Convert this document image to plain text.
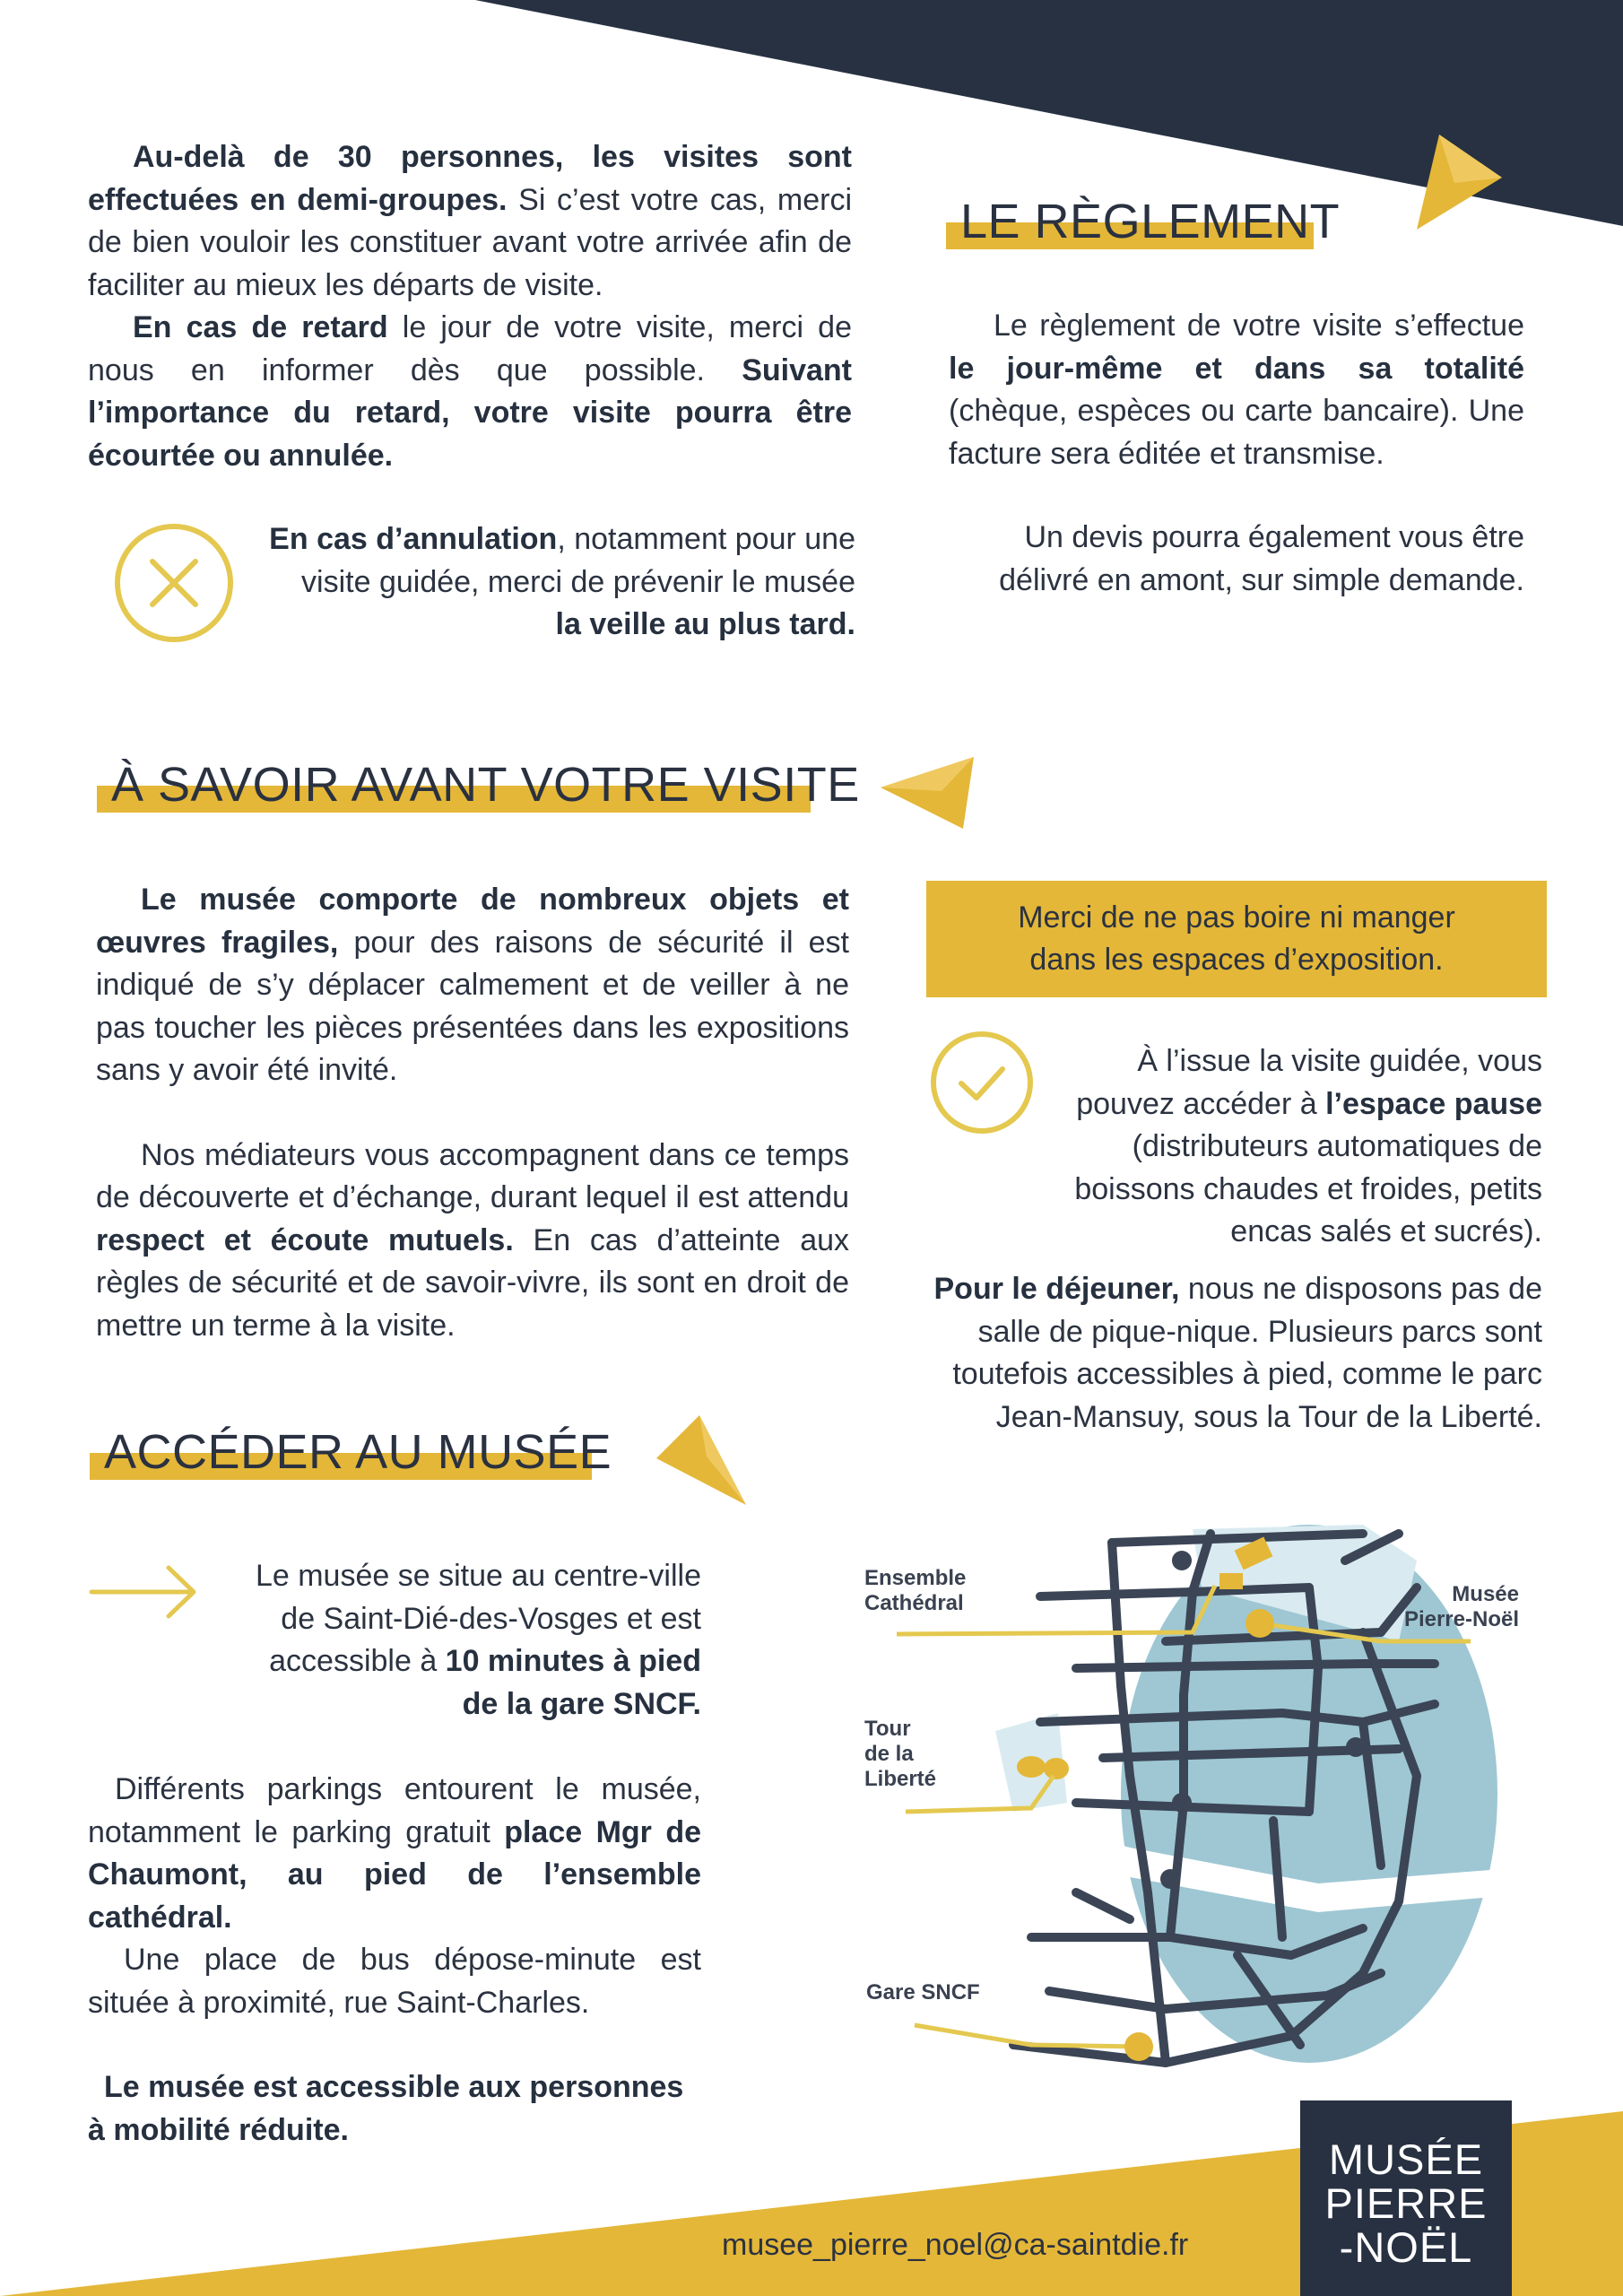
Au-delà de 30 personnes, les visites sont effectuées en demi-groupes. Si c’est votre cas, merci de bien vouloir les constituer avant votre arrivée afin de faciliter au mieux les départs de visite.

En cas de retard le jour de votre visite, merci de nous en informer dès que possible. Suivant l’importance du retard, votre visite pourra être écourtée ou annulée.

En cas d’annulation, notamment pour une visite guidée, merci de prévenir le musée la veille au plus tard.
LE RÈGLEMENT

Le règlement de votre visite s’effectue le jour-même et dans sa totalité (chèque, espèces ou carte bancaire). Une facture sera éditée et transmise.

Un devis pourra également vous être délivré en amont, sur simple demande.
À SAVOIR AVANT VOTRE VISITE

Le musée comporte de nombreux objets et œuvres fragiles, pour des raisons de sécurité il est indiqué de s’y déplacer calmement et de veiller à ne pas toucher les pièces présentées dans les expositions sans y avoir été invité.

Nos médiateurs vous accompagnent dans ce temps de découverte et d’échange, durant lequel il est attendu respect et écoute mutuels. En cas d’atteinte aux règles de sécurité et de savoir-vivre, ils sont en droit de mettre un terme à la visite.

Merci de ne pas boire ni manger dans les espaces d’exposition.
À l’issue la visite guidée, vous pouvez accéder à l’espace pause (distributeurs automatiques de boissons chaudes et froides, petits encas salés et sucrés).
Pour le déjeuner, nous ne disposons pas de salle de pique-nique. Plusieurs parcs sont toutefois accessibles à pied, comme le parc Jean-Mansuy, sous la Tour de la Liberté.
ACCÉDER AU MUSÉE
Le musée se situe au centre-ville de Saint-Dié-des-Vosges et est accessible à 10 minutes à pied de la gare SNCF.

Différents parkings entourent le musée, notamment le parking gratuit place Mgr de Chaumont, au pied de l’ensemble cathédral.

Une place de bus dépose-minute est située à proximité, rue Saint-Charles.

Le musée est accessible aux personnes à mobilité réduite.

Ensemble
Cathédral	Musée
Pierre-Noël
Tour
de la
Liberté
Gare SNCF
musee_pierre_noel@ca-saintdie.fr
MUSÉE
PIERRE
-NOËL
